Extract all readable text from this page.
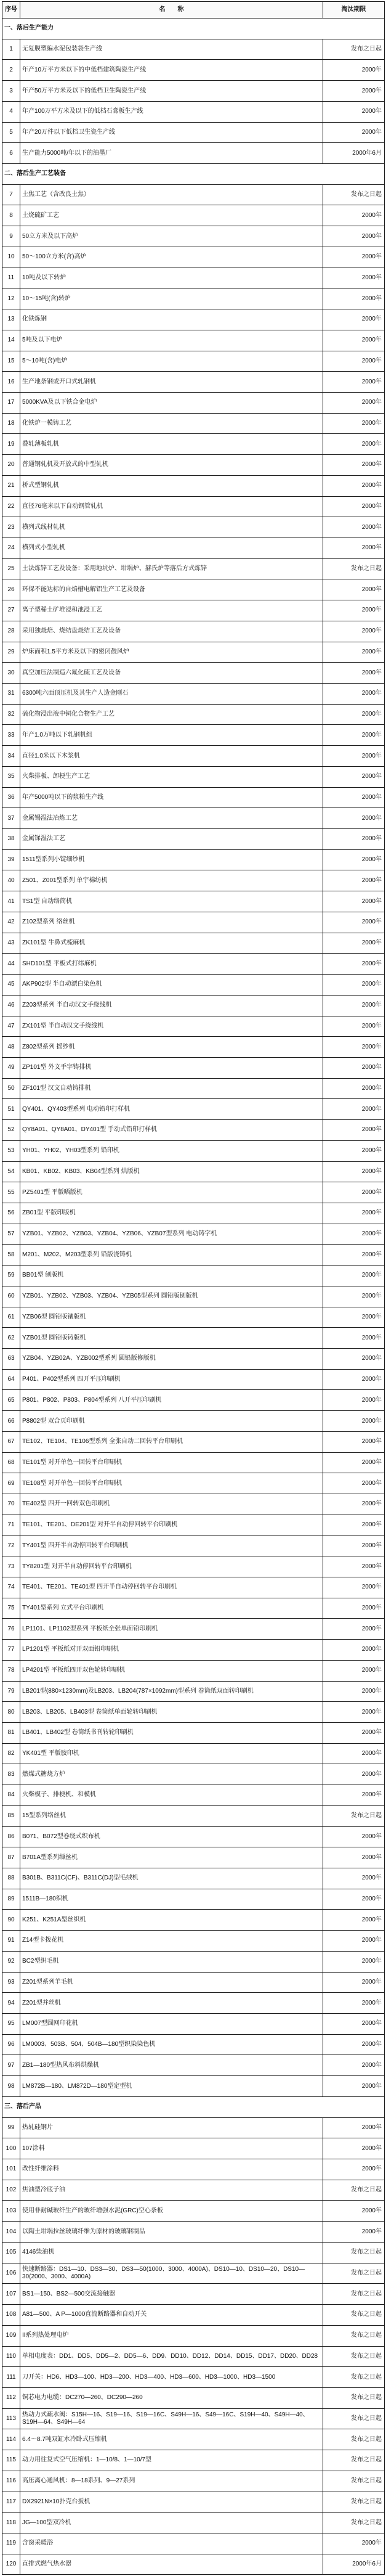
序号	名　　称	淘汰期限
一、落后生产能力		
1	无复膜塑编水泥包装袋生产线	发布之日起
2	年产10万平方米以下的中低档建筑陶瓷生产线	2000年
3	年产50万平方米及以下的低档卫生陶瓷生产线	2000年
4	年产100万平方米及以下的低档石膏板生产线	2000年
5	年产20万件以下低档卫生瓷生产线	2000年
6	生产能力5000吨/年以下的油墨厂	2000年6月
二、落后生产工艺装备		
7	土焦工艺（含改良土焦）	发布之日起
8	土烧硫矿工艺	2000年
9	50立方米及以下高炉	2000年
10	50～100立方米(含)高炉	2000年
11	10吨及以下转炉	2000年
12	10～15吨(含)转炉	2000年
13	化铁炼钢	2000年
14	5吨及以下电炉	2000年
15	5～10吨(含)电炉	2000年
16	生产地条钢或开口式轧钢机	2000年
17	5000KVA及以下铁合金电炉	2000年
18	化铁炉一模铸工艺	2000年
19	叠轧薄板轧机	2000年
20	普通钢轧机及开放式的中型轧机	2000年
21	桥式型钢轧机	2000年
22	直径76毫米以下自动钢管轧机	2000年
23	横列式线材轧机	2000年
24	横列式小型轧机	2000年
25	土法炼锌工艺及设备：采用地坑炉、坩埚炉、赫氏炉等落后方式炼锌	发布之日起
26	环保不能达标的自焙槽电解铝生产工艺及设备	2000年
27	离子型稀土矿堆浸和池浸工艺	2000年
28	采用独烧焙、烧结盘烧结工艺及设备	2000年
29	炉床面积1.5平方米及以下的密闭鼓风炉	2000年
30	真空加压法制造六氟化硫工艺及设备	2000年
31	6300吨六面顶压机及其生产人造金刚石	2000年
32	硫化物浸出液中铜化合物生产工艺	2000年
33	年产1.0万吨以下轧钢机组	2000年
34	直径1.0米以下木浆机	2000年
35	火柴排板、卸梗生产工艺	2000年
36	年产5000吨以下的浆粕生产线	2000年
37	金属锡湿法冶炼工艺	2000年
38	金属锑湿法工艺	2000年
39	1511型系列小锭细纱机	2000年
40	Z501、Z001型系列 单宇棉纺机	2000年
41	TS1型 自动络筒机	2000年
42	Z102型系列 络丝机	2000年
43	ZK101型 牛鼻式梳麻机	2000年
44	SHD101型 平板式打纬麻机	2000年
45	AKP902型 半自动漂白染色机	2000年
46	Z203型系列 半自动汉文手绕线机	2000年
47	ZX101型 半自动汉文手绕线机	2000年
48	Z802型系列 摇纱机	2000年
49	ZP101型 外文手字铸排机	2000年
50	ZF101型 汉文自动铸排机	2000年
51	QY401、QY403型系列 电动铅印打样机	2000年
52	QY8A01、QY8A01、DY401型 手动式铅印打样机	2000年
53	YH01、YH02、YH03型系列 铅印机	2000年
54	KB01、KB02、KB03、KB04型系列 烘版机	2000年
55	PZ5401型 平版晒版机	2000年
56	ZB01型 平版印版机	2000年
57	YZB01、YZB02、YZB03、YZB04、YZB06、YZB07型系列 电动铸字机	2000年
58	M201、M202、M203型系列 铅版浇铸机	2000年
59	BB01型 刨版机	2000年
60	YZB01、YZB02、YZB03、YZB04、YZB05型系列 圆铅版刨版机	2000年
61	YZB06型 圆铅版镶版机	2000年
62	YZB01型 圆铅版铸版机	2000年
63	YZB04、YZB02A、YZB002型系列 圆铅版修版机	2000年
64	P401、P402型系列 四开平压印刷机	2000年
65	P801、P802、P803、P804型系列 八开平压印刷机	2000年
66	P8802型 双合页印刷机	2000年
67	TE102、TE104、TE106型系列 全张自动二回转平台印刷机	2000年
68	TE101型 对开单色一回转平台印刷机	2000年
69	TE108型 对开单色一回转平台印刷机	2000年
70	TE402型 四开一回转双色印刷机	2000年
71	TE101、TE201、DE201型 对开半自动停回转平台印刷机	2000年
72	TY401型 四开半自动停回转平台印刷机	2000年
73	TY8201型 对开半自动停回转平台印刷机	2000年
74	TE401、TE201、TE401型 四开半自动停回转平台印刷机	2000年
75	TY401型系列 立式平台印刷机	2000年
76	LP1101、LP1102型系列 平板纸全张单面铅印刷机	2000年
77	LP1201型 平板纸对开双面铅印刷机	2000年
78	LP4201型 平板纸四开双色轮转印刷机	2000年
79	LB201型(880×1230mm)及LB203、LB204(787×1092mm)型系列 卷筒纸双面转印刷机	2000年
80	LB203、LB205、LB403型 卷筒纸单面轮转印刷机	2000年
81	LB401、LB402型 卷筒纸书刊转轮印刷机	2000年
82	YK401型 平版胶印机	2000年
83	燃煤式糖烧方炉	2000年
84	火柴模子、排梗机、和模机	2000年
85	15型系列络丝机	发布之日起
86	B071、B072型卷绕式织布机	2000年
87	B701A型系列缫丝机	2000年
88	B301B、B311C(CF)、B311C(DJ)型毛绒机	2000年
89	1511B—180织机	2000年
90	K251、K251A型丝织机	2000年
91	Z14型卡拨花机	2000年
92	BC2型织毛机	2000年
93	Z201型系列羊毛机	2000年
94	Z201型并丝机	2000年
95	LM007型圆网印花机	2000年
96	LM0003、503B、504、504B—180型织染染色机	2000年
97	ZB1—180型热风布斜烘燥机	2000年
98	LM872B—180、LM872D—180型定型机	2000年
三、落后产品		
99	热轧硅钢片	2000年
100	107涂料	2000年
101	改性纤维涂料	2000年
102	焦油型冷底子油	发布之日起
103	使用非耐碱玻纤生产的玻纤增强水泥(GRC)空心条板	2000年
104	以陶土坩埚拉丝玻璃纤维为原材的玻璃钢制品	2000年
105	4146柴油机	发布之日起
106	快速断路器：DS1—10、DS3—30、DS3—50(1000、3000、4000A)、DS10—10、DS10—20、DS10—30(2000、3000、4000A)	发布之日起
107	BS1—150、BS2—500交流接触器	发布之日起
108	A81—500、A P—1000直流断路器和自动开关	发布之日起
109	II系列热处理电炉	发布之日起
110	单相电度表：DD1、DD5、DD5—2、DD5—6、DD9、DD10、DD12、DD14、DD15、DD17、DD20、DD28	发布之日起
111	刀开关：HD6、HD3—100、HD3—200、HD3—400、HD3—600、HD3—1000、HD3—1500	发布之日起
112	铜芯电力电缆：DC270—260、DC290—260	发布之日起
113	热动力式疏水阀：S15H—16、S19—16、S19—16C、S49H—16、S49—16C、S19H—40、S49H—40、S19H—64、S49H—64	发布之日起
114	6.4～8.7吨双缸水冷卧式压缩机	发布之日起
115	动力用往复式空气压缩机：1—10/8、1—10/7型	发布之日起
116	高压离心通风机：8—18系列、9—27系列	发布之日起
117	DX2921N×10扑克台扳机	发布之日起
118	JG—100型双冷机	发布之日起
119	含窗采暖浴	2000年
120	直排式燃气热水器	2000年6月
